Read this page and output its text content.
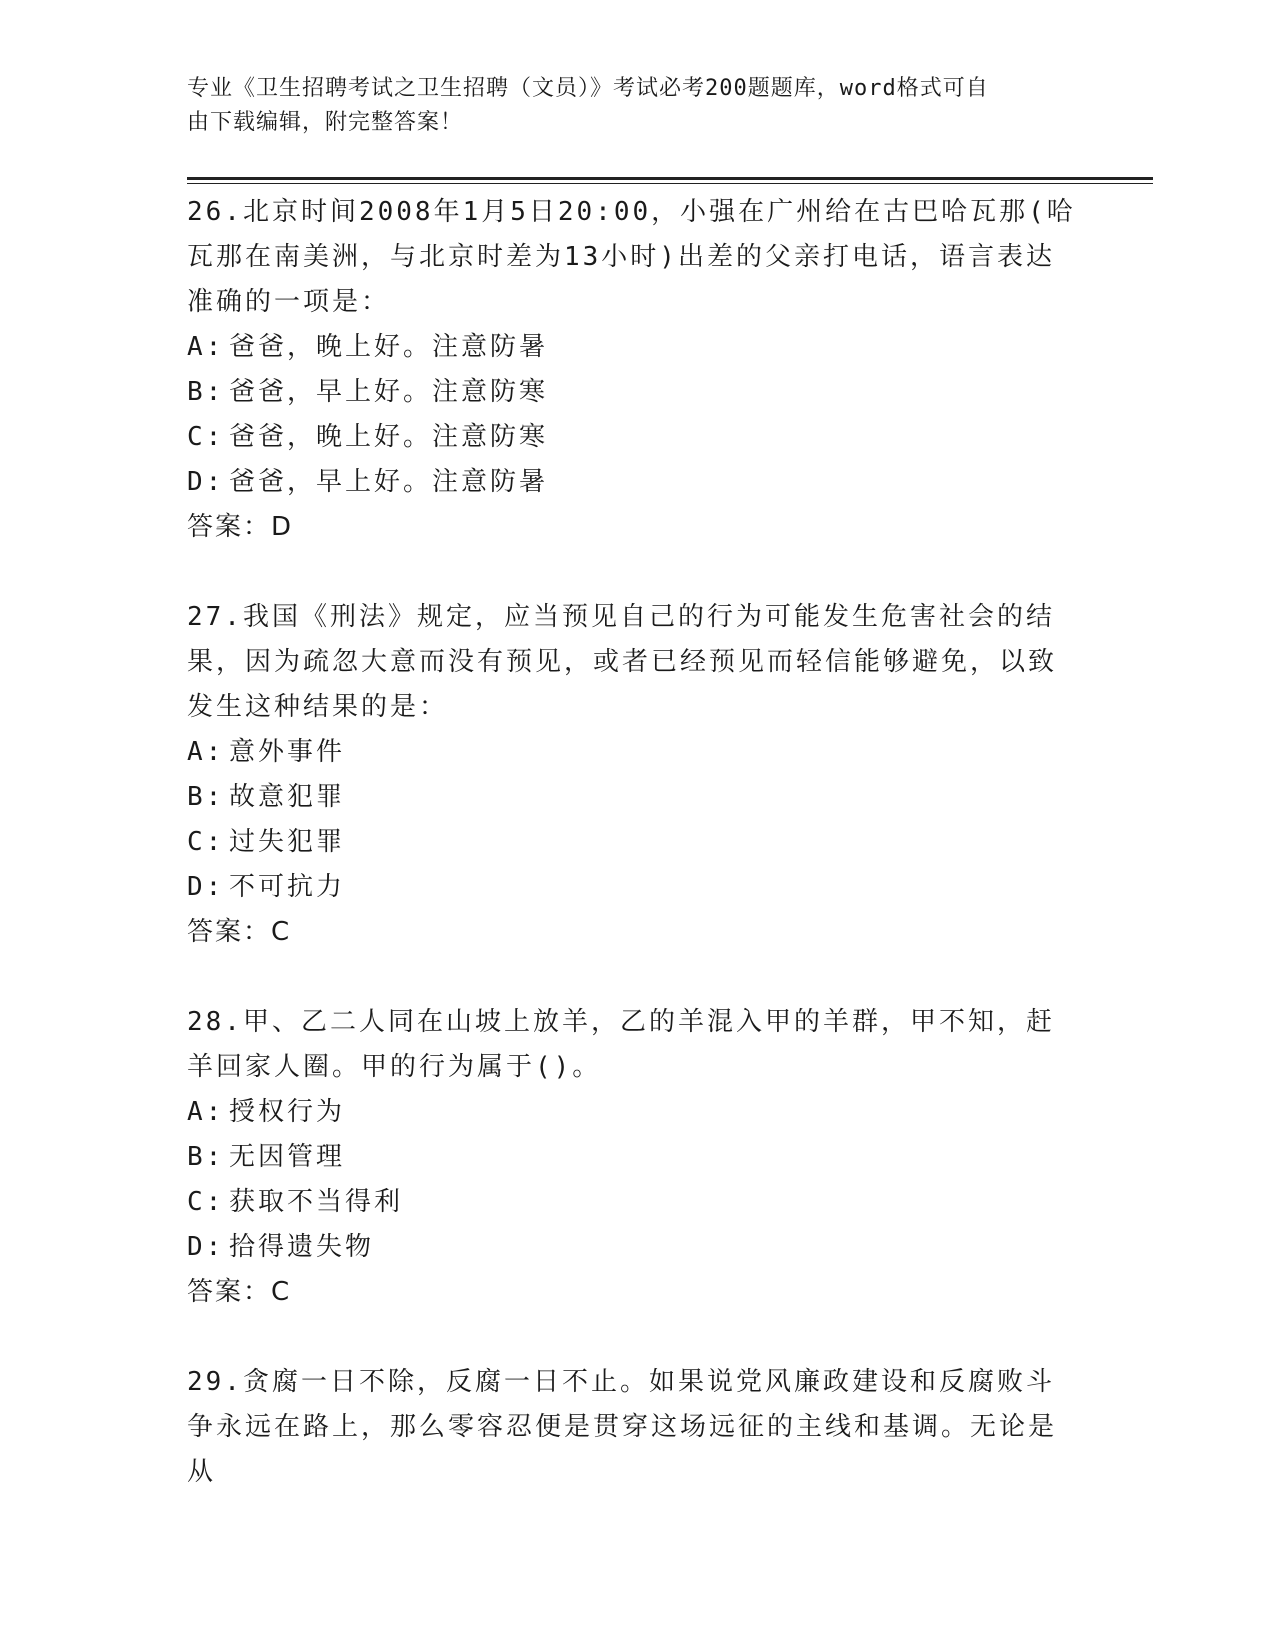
专业《卫生招聘考试之卫生招聘（文员）》考试必考200题题库，word格式可自
由下载编辑，附完整答案！

26.北京时间2008年1月5日20:00，小强在广州给在古巴哈瓦那(哈瓦那在南美洲，与北京时差为13小时)出差的父亲打电话，语言表达准确的一项是：

A: 爸爸，晚上好。注意防暑

B: 爸爸，早上好。注意防寒

C: 爸爸，晚上好。注意防寒

D: 爸爸，早上好。注意防暑

答案：D

27.我国《刑法》规定，应当预见自己的行为可能发生危害社会的结果，因为疏忽大意而没有预见，或者已经预见而轻信能够避免，以致发生这种结果的是：

A: 意外事件

B: 故意犯罪

C: 过失犯罪

D: 不可抗力

答案：C

28.甲、乙二人同在山坡上放羊，乙的羊混入甲的羊群，甲不知，赶羊回家人圈。甲的行为属于()。

A: 授权行为

B: 无因管理

C: 获取不当得利

D: 拾得遗失物

答案：C

29.贪腐一日不除，反腐一日不止。如果说党风廉政建设和反腐败斗争永远在路上，那么零容忍便是贯穿这场远征的主线和基调。无论是从
